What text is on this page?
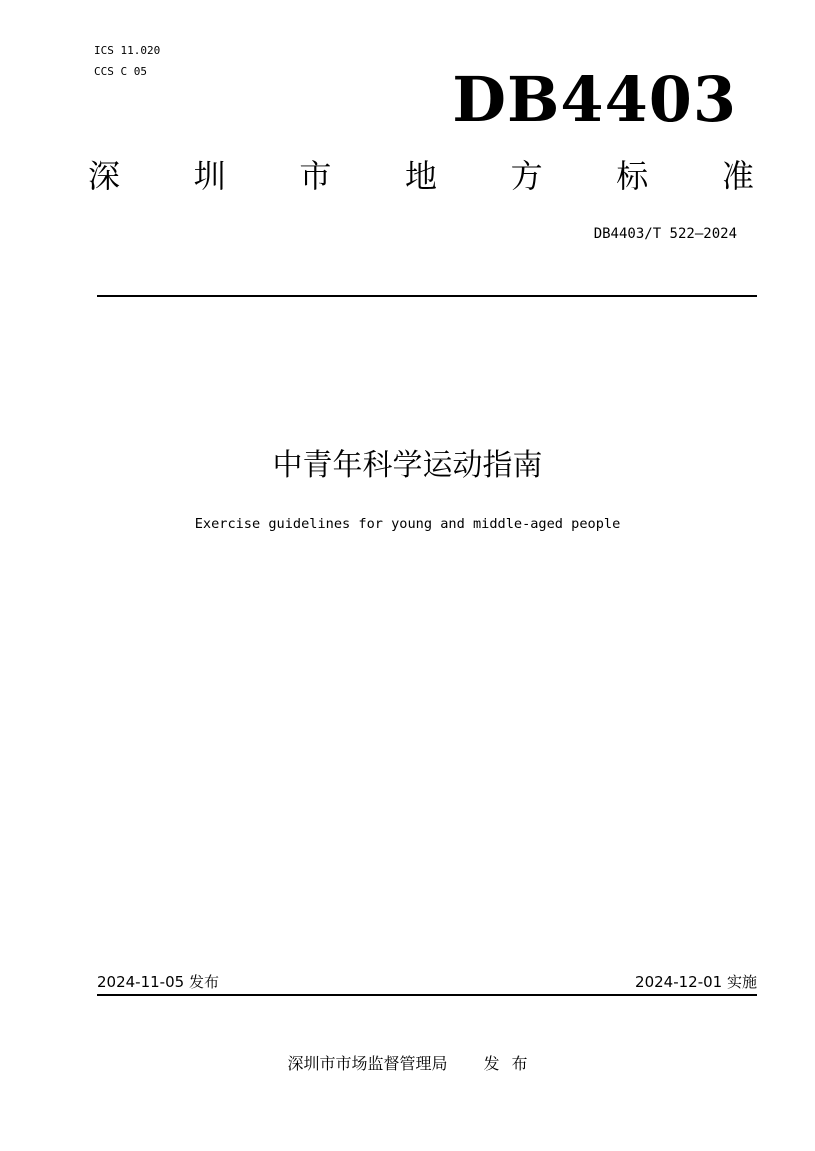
ICS 11.020
CCS C 05	DB4403
深 圳 市 地 方 标 准
DB4403/T 522—2024
中青年科学运动指南
Exercise guidelines for young and middle-aged people
2024-11-05 发布	2024-12-01 实施
深圳市市场监督管理局 发 布
